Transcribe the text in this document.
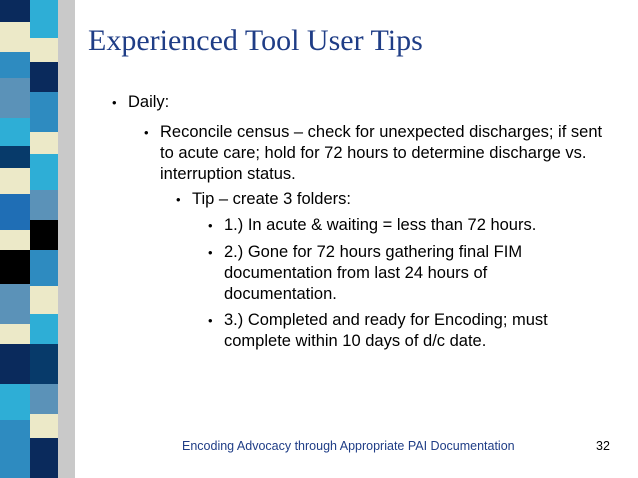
Experienced Tool User Tips
• Daily:
• Reconcile census – check for unexpected discharges; if sent to acute care; hold for 72 hours to determine discharge vs. interruption status.
• Tip – create 3 folders:
• 1.) In acute & waiting = less than 72 hours.
• 2.) Gone for 72 hours gathering final FIM documentation from last 24 hours of documentation.
• 3.) Completed and ready for Encoding; must complete within 10 days of d/c date.
Encoding Advocacy through Appropriate PAI Documentation	32
